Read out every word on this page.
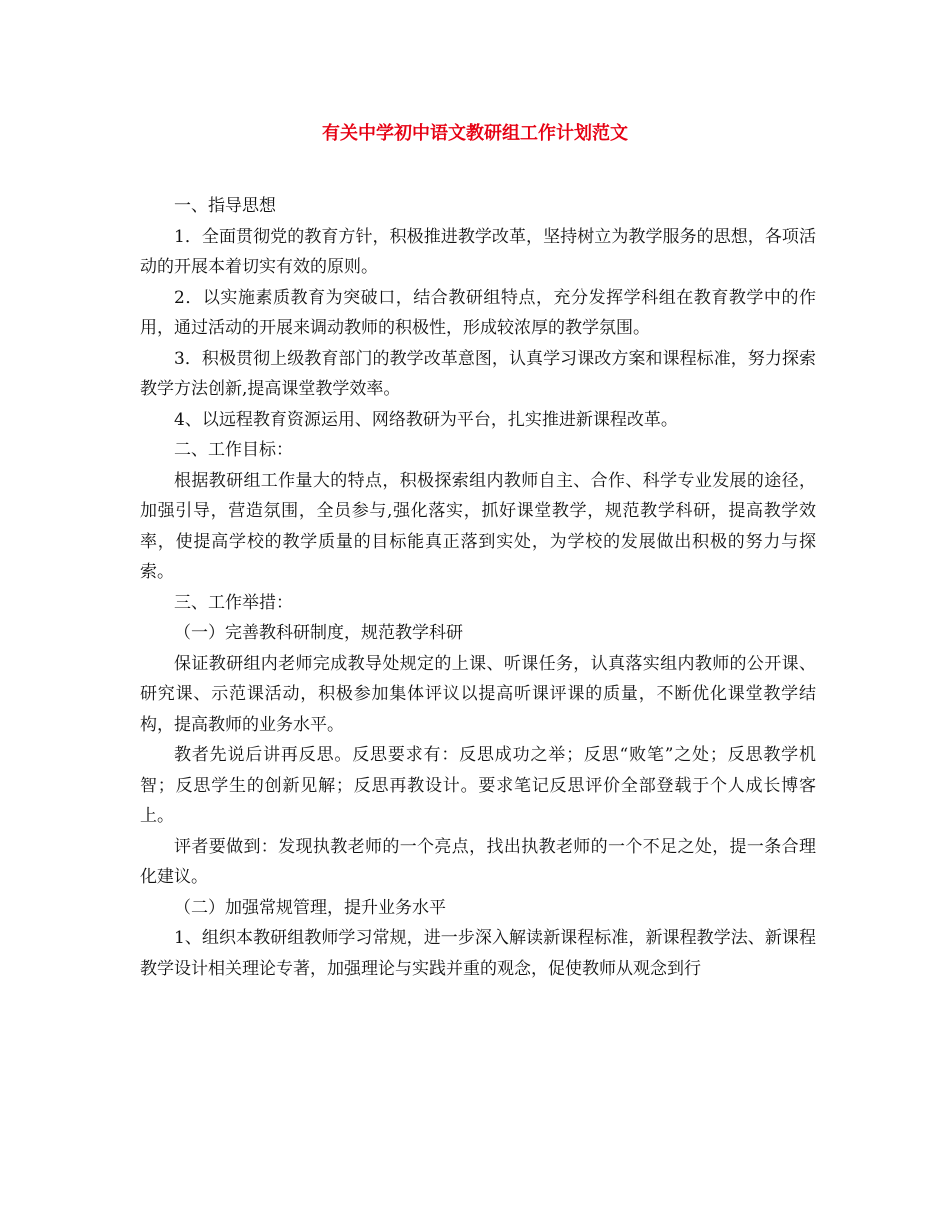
有关中学初中语文教研组工作计划范文

一、指导思想

1．全面贯彻党的教育方针，积极推进教学改革，坚持树立为教学服务的思想，各项活动的开展本着切实有效的原则。

2．以实施素质教育为突破口，结合教研组特点，充分发挥学科组在教育教学中的作用，通过活动的开展来调动教师的积极性，形成较浓厚的教学氛围。

3．积极贯彻上级教育部门的教学改革意图，认真学习课改方案和课程标准，努力探索教学方法创新,提高课堂教学效率。

4、以远程教育资源运用、网络教研为平台，扎实推进新课程改革。

二、工作目标：

根据教研组工作量大的特点，积极探索组内教师自主、合作、科学专业发展的途径，加强引导，营造氛围，全员参与,强化落实，抓好课堂教学，规范教学科研，提高教学效率，使提高学校的教学质量的目标能真正落到实处，为学校的发展做出积极的努力与探索。

三、工作举措：

（一）完善教科研制度，规范教学科研

保证教研组内老师完成教导处规定的上课、听课任务，认真落实组内教师的公开课、研究课、示范课活动，积极参加集体评议以提高听课评课的质量，不断优化课堂教学结构，提高教师的业务水平。

教者先说后讲再反思。反思要求有：反思成功之举；反思“败笔”之处；反思教学机智；反思学生的创新见解；反思再教设计。要求笔记反思评价全部登载于个人成长博客上。

评者要做到：发现执教老师的一个亮点，找出执教老师的一个不足之处，提一条合理化建议。

（二）加强常规管理，提升业务水平

1、组织本教研组教师学习常规，进一步深入解读新课程标准，新课程教学法、新课程教学设计相关理论专著，加强理论与实践并重的观念，促使教师从观念到行
